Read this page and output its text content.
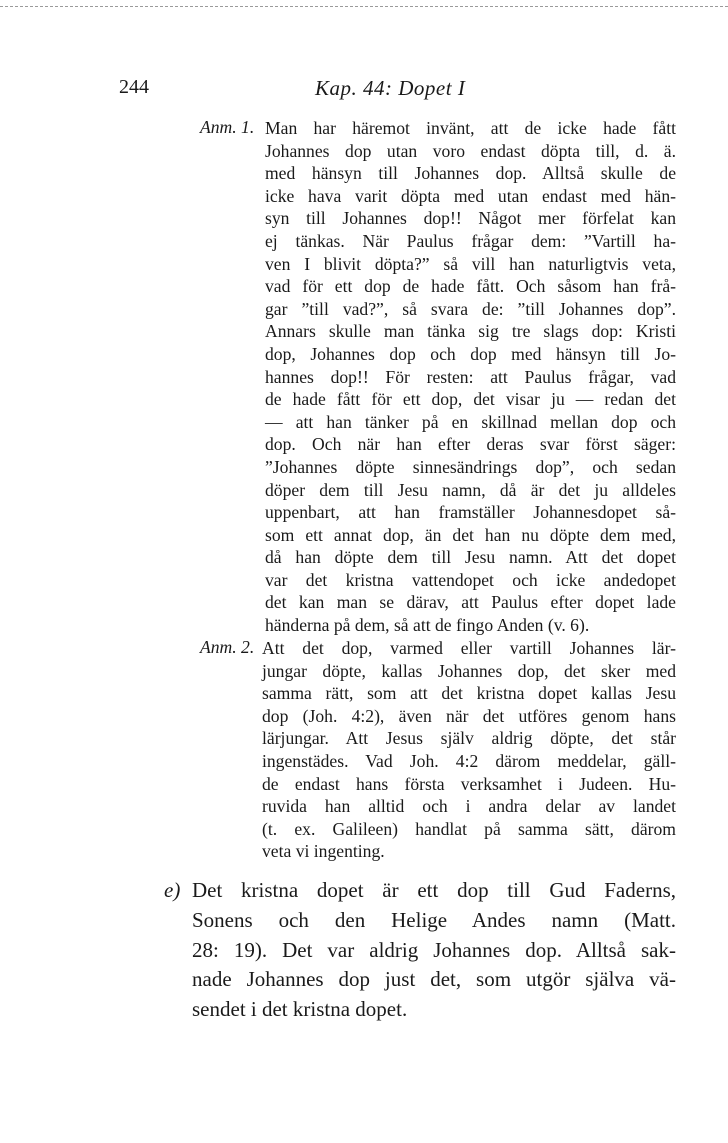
244	Kap. 44: Dopet I
Anm. 1. Man har häremot invänt, att de icke hade fått
Johannes dop utan voro endast döpta till, d. ä.
med hänsyn till Johannes dop. Alltså skulle de
icke hava varit döpta med utan endast med hän-
syn till Johannes dop!! Något mer förfelat kan
ej tänkas. När Paulus frågar dem: ”Vartill ha-
ven I blivit döpta?” så vill han naturligtvis veta,
vad för ett dop de hade fått. Och såsom han frå-
gar ”till vad?”, så svara de: ”till Johannes dop”.
Annars skulle man tänka sig tre slags dop: Kristi
dop, Johannes dop och dop med hänsyn till Jo-
hannes dop!! För resten: att Paulus frågar, vad
de hade fått för ett dop, det visar ju — redan det
— att han tänker på en skillnad mellan dop och
dop. Och när han efter deras svar först säger:
”Johannes döpte sinnesändrings dop”, och sedan
döper dem till Jesu namn, då är det ju alldeles
uppenbart, att han framställer Johannesdopet så-
som ett annat dop, än det han nu döpte dem med,
då han döpte dem till Jesu namn. Att det dopet
var det kristna vattendopet och icke andedopet
det kan man se därav, att Paulus efter dopet lade
händerna på dem, så att de fingo Anden (v. 6).
Anm. 2. Att det dop, varmed eller vartill Johannes lär-
jungar döpte, kallas Johannes dop, det sker med
samma rätt, som att det kristna dopet kallas Jesu
dop (Joh. 4:2), även när det utföres genom hans
lärjungar. Att Jesus själv aldrig döpte, det står
ingenstädes. Vad Joh. 4:2 därom meddelar, gäll-
de endast hans första verksamhet i Judeen. Hu-
ruvida han alltid och i andra delar av landet
(t. ex. Galileen) handlat på samma sätt, därom
veta vi ingenting.
e) Det kristna dopet är ett dop till Gud Faderns,
Sonens och den Helige Andes namn (Matt.
28: 19). Det var aldrig Johannes dop. Alltså sak-
nade Johannes dop just det, som utgör själva vä-
sendet i det kristna dopet.
